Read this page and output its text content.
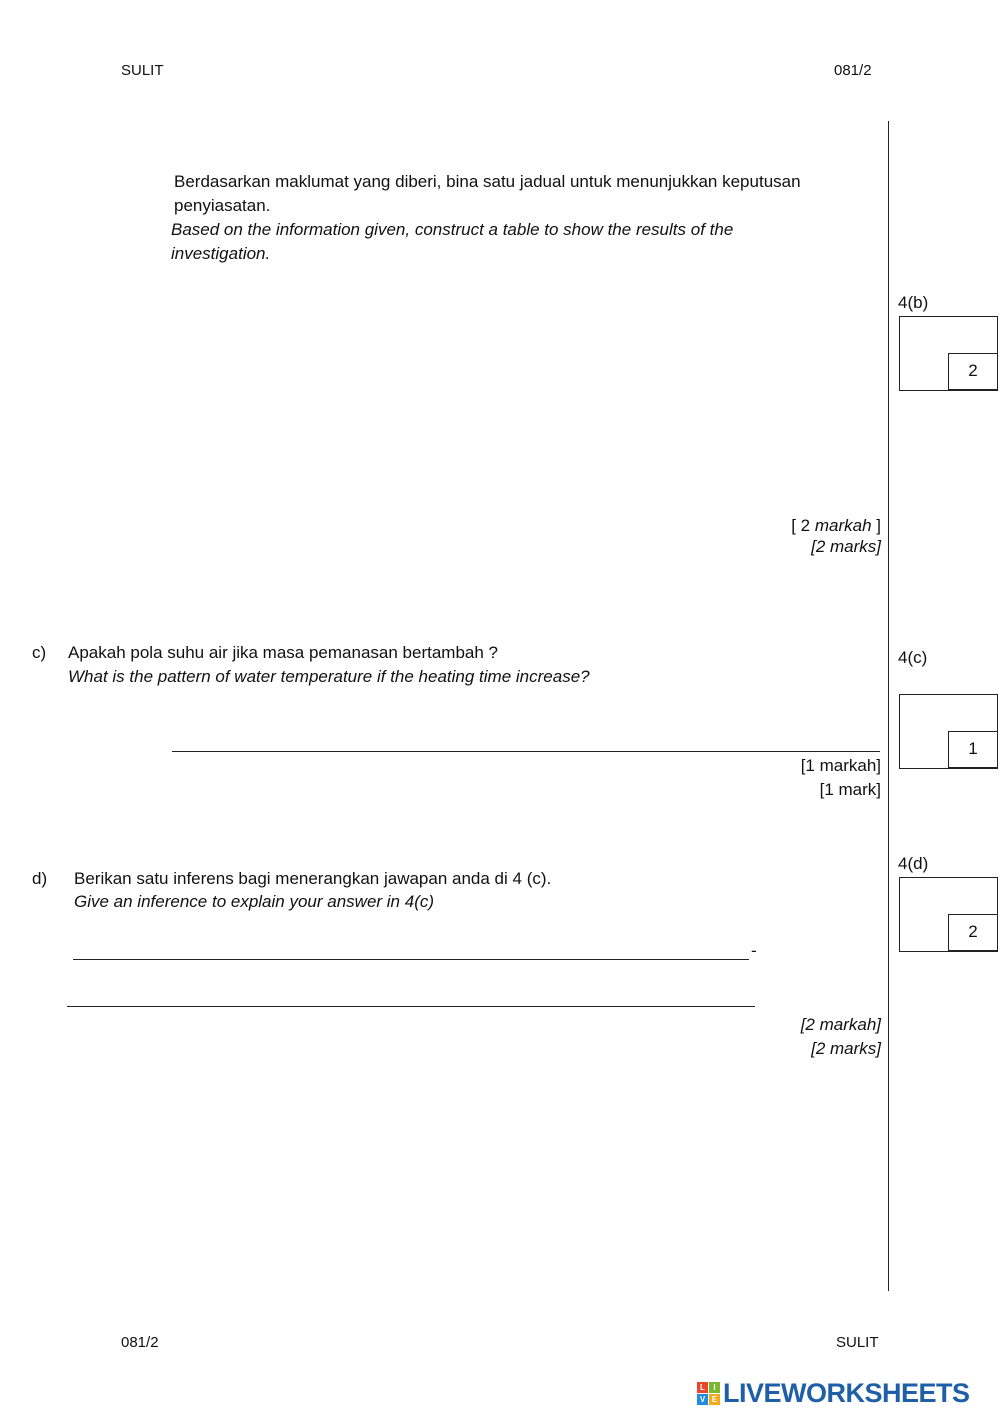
SULIT	081/2
Berdasarkan maklumat yang diberi, bina satu jadual untuk menunjukkan keputusan
penyiasatan.
Based on the information given, construct a table to show the results of the
investigation.
[ 2 markah ]
[2 marks]
c) Apakah pola suhu air jika masa pemanasan bertambah ?
What is the pattern of water temperature if the heating time increase?
[1 markah]
[1 mark]
d) Berikan satu inferens bagi menerangkan jawapan anda di 4 (c).
Give an inference to explain your answer in 4(c)
-
[2 markah]
[2 marks]
4(b)
2
4(c)
1
4(d)
2
081/2	SULIT
L	I
V E LIVEWORKSHEETS
